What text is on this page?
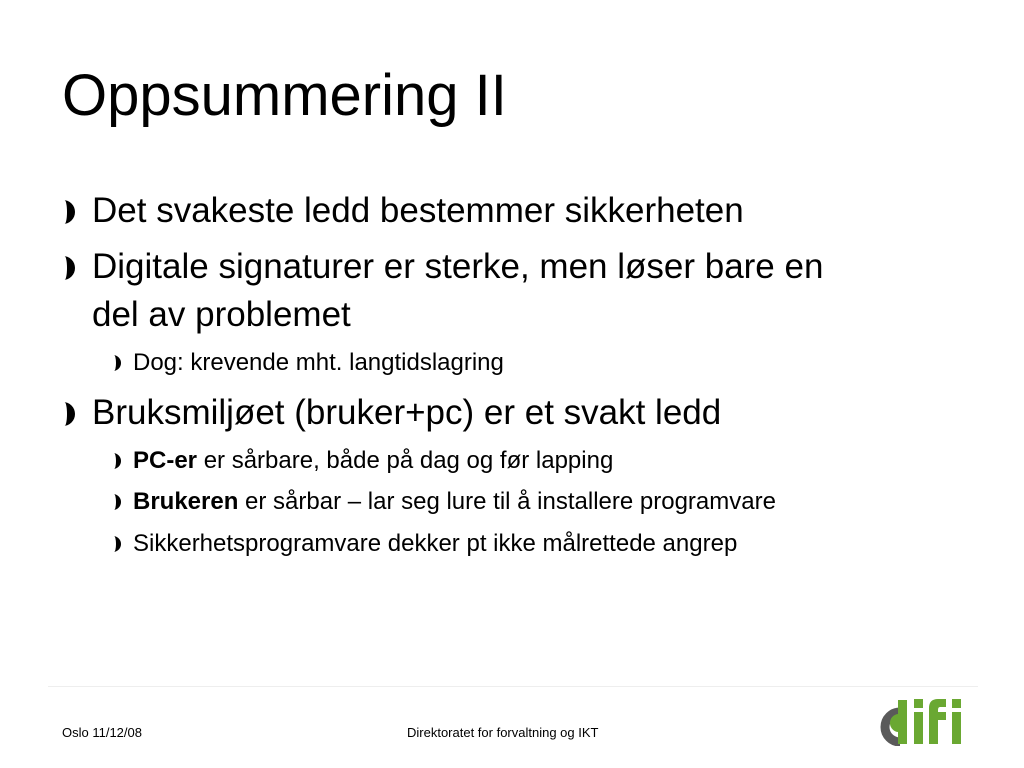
Oppsummering II
Det svakeste ledd bestemmer sikkerheten
Digitale signaturer er sterke, men løser bare en
del av problemet
Dog: krevende mht. langtidslagring
Bruksmiljøet (bruker+pc) er et svakt ledd
PC-er er sårbare, både på dag og før lapping
Brukeren er sårbar – lar seg lure til å installere programvare
Sikkerhetsprogramvare dekker pt ikke målrettede angrep
Oslo 11/12/08	Direktoratet for forvaltning og IKT
